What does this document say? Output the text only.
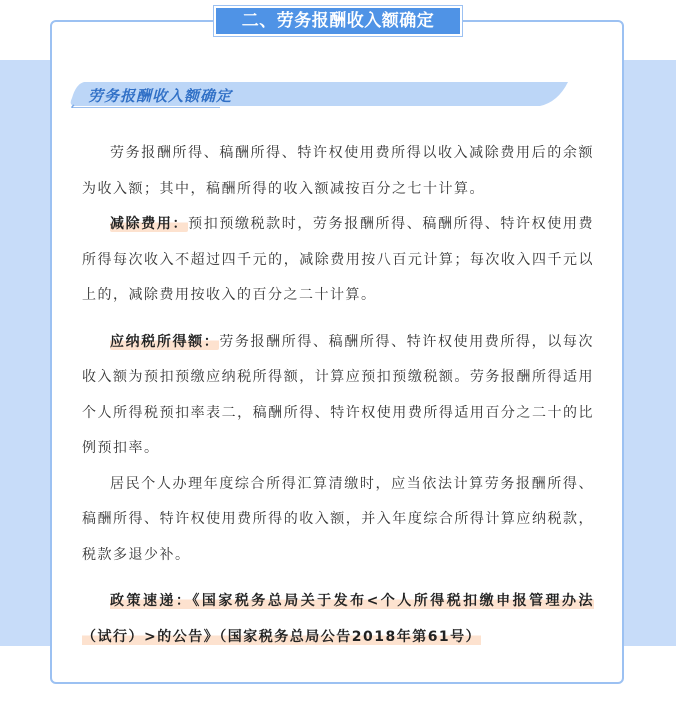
二、劳务报酬收入额确定
劳务报酬收入额确定

劳务报酬所得、稿酬所得、特许权使用费所得以收入减除费用后的余额为收入额；其中，稿酬所得的收入额减按百分之七十计算。

减除费用：预扣预缴税款时，劳务报酬所得、稿酬所得、特许权使用费所得每次收入不超过四千元的，减除费用按八百元计算；每次收入四千元以上的，减除费用按收入的百分之二十计算。

应纳税所得额：劳务报酬所得、稿酬所得、特许权使用费所得，以每次收入额为预扣预缴应纳税所得额，计算应预扣预缴税额。劳务报酬所得适用个人所得税预扣率表二，稿酬所得、特许权使用费所得适用百分之二十的比例预扣率。

居民个人办理年度综合所得汇算清缴时，应当依法计算劳务报酬所得、稿酬所得、特许权使用费所得的收入额，并入年度综合所得计算应纳税款，税款多退少补。

政策速递：《国家税务总局关于发布<个人所得税扣缴申报管理办法（试行）>的公告》（国家税务总局公告2018年第61号）
